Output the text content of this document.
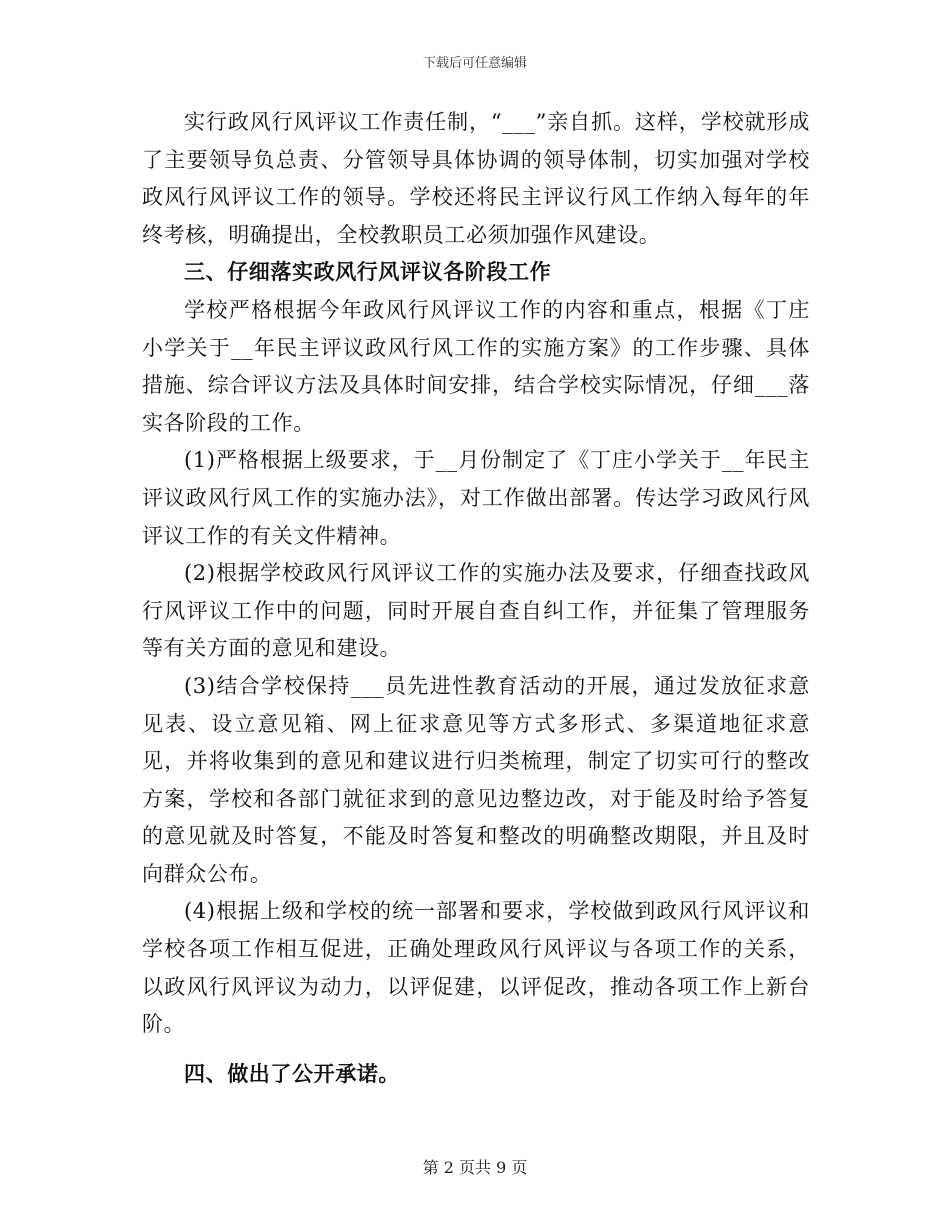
下载后可任意编辑

实行政风行风评议工作责任制，“___”亲自抓。这样，学校就形成了主要领导负总责、分管领导具体协调的领导体制，切实加强对学校政风行风评议工作的领导。学校还将民主评议行风工作纳入每年的年终考核，明确提出，全校教职员工必须加强作风建设。

三、仔细落实政风行风评议各阶段工作

学校严格根据今年政风行风评议工作的内容和重点，根据《丁庄小学关于__年民主评议政风行风工作的实施方案》的工作步骤、具体措施、综合评议方法及具体时间安排，结合学校实际情况，仔细___落实各阶段的工作。

(1)严格根据上级要求，于__月份制定了《丁庄小学关于__年民主评议政风行风工作的实施办法》，对工作做出部署。传达学习政风行风评议工作的有关文件精神。

(2)根据学校政风行风评议工作的实施办法及要求，仔细查找政风行风评议工作中的问题，同时开展自查自纠工作，并征集了管理服务等有关方面的意见和建设。

(3)结合学校保持___员先进性教育活动的开展，通过发放征求意见表、设立意见箱、网上征求意见等方式多形式、多渠道地征求意见，并将收集到的意见和建议进行归类梳理，制定了切实可行的整改方案，学校和各部门就征求到的意见边整边改，对于能及时给予答复的意见就及时答复，不能及时答复和整改的明确整改期限，并且及时向群众公布。

(4)根据上级和学校的统一部署和要求，学校做到政风行风评议和学校各项工作相互促进，正确处理政风行风评议与各项工作的关系，以政风行风评议为动力，以评促建，以评促改，推动各项工作上新台阶。

四、做出了公开承诺。

第 2 页共 9 页
